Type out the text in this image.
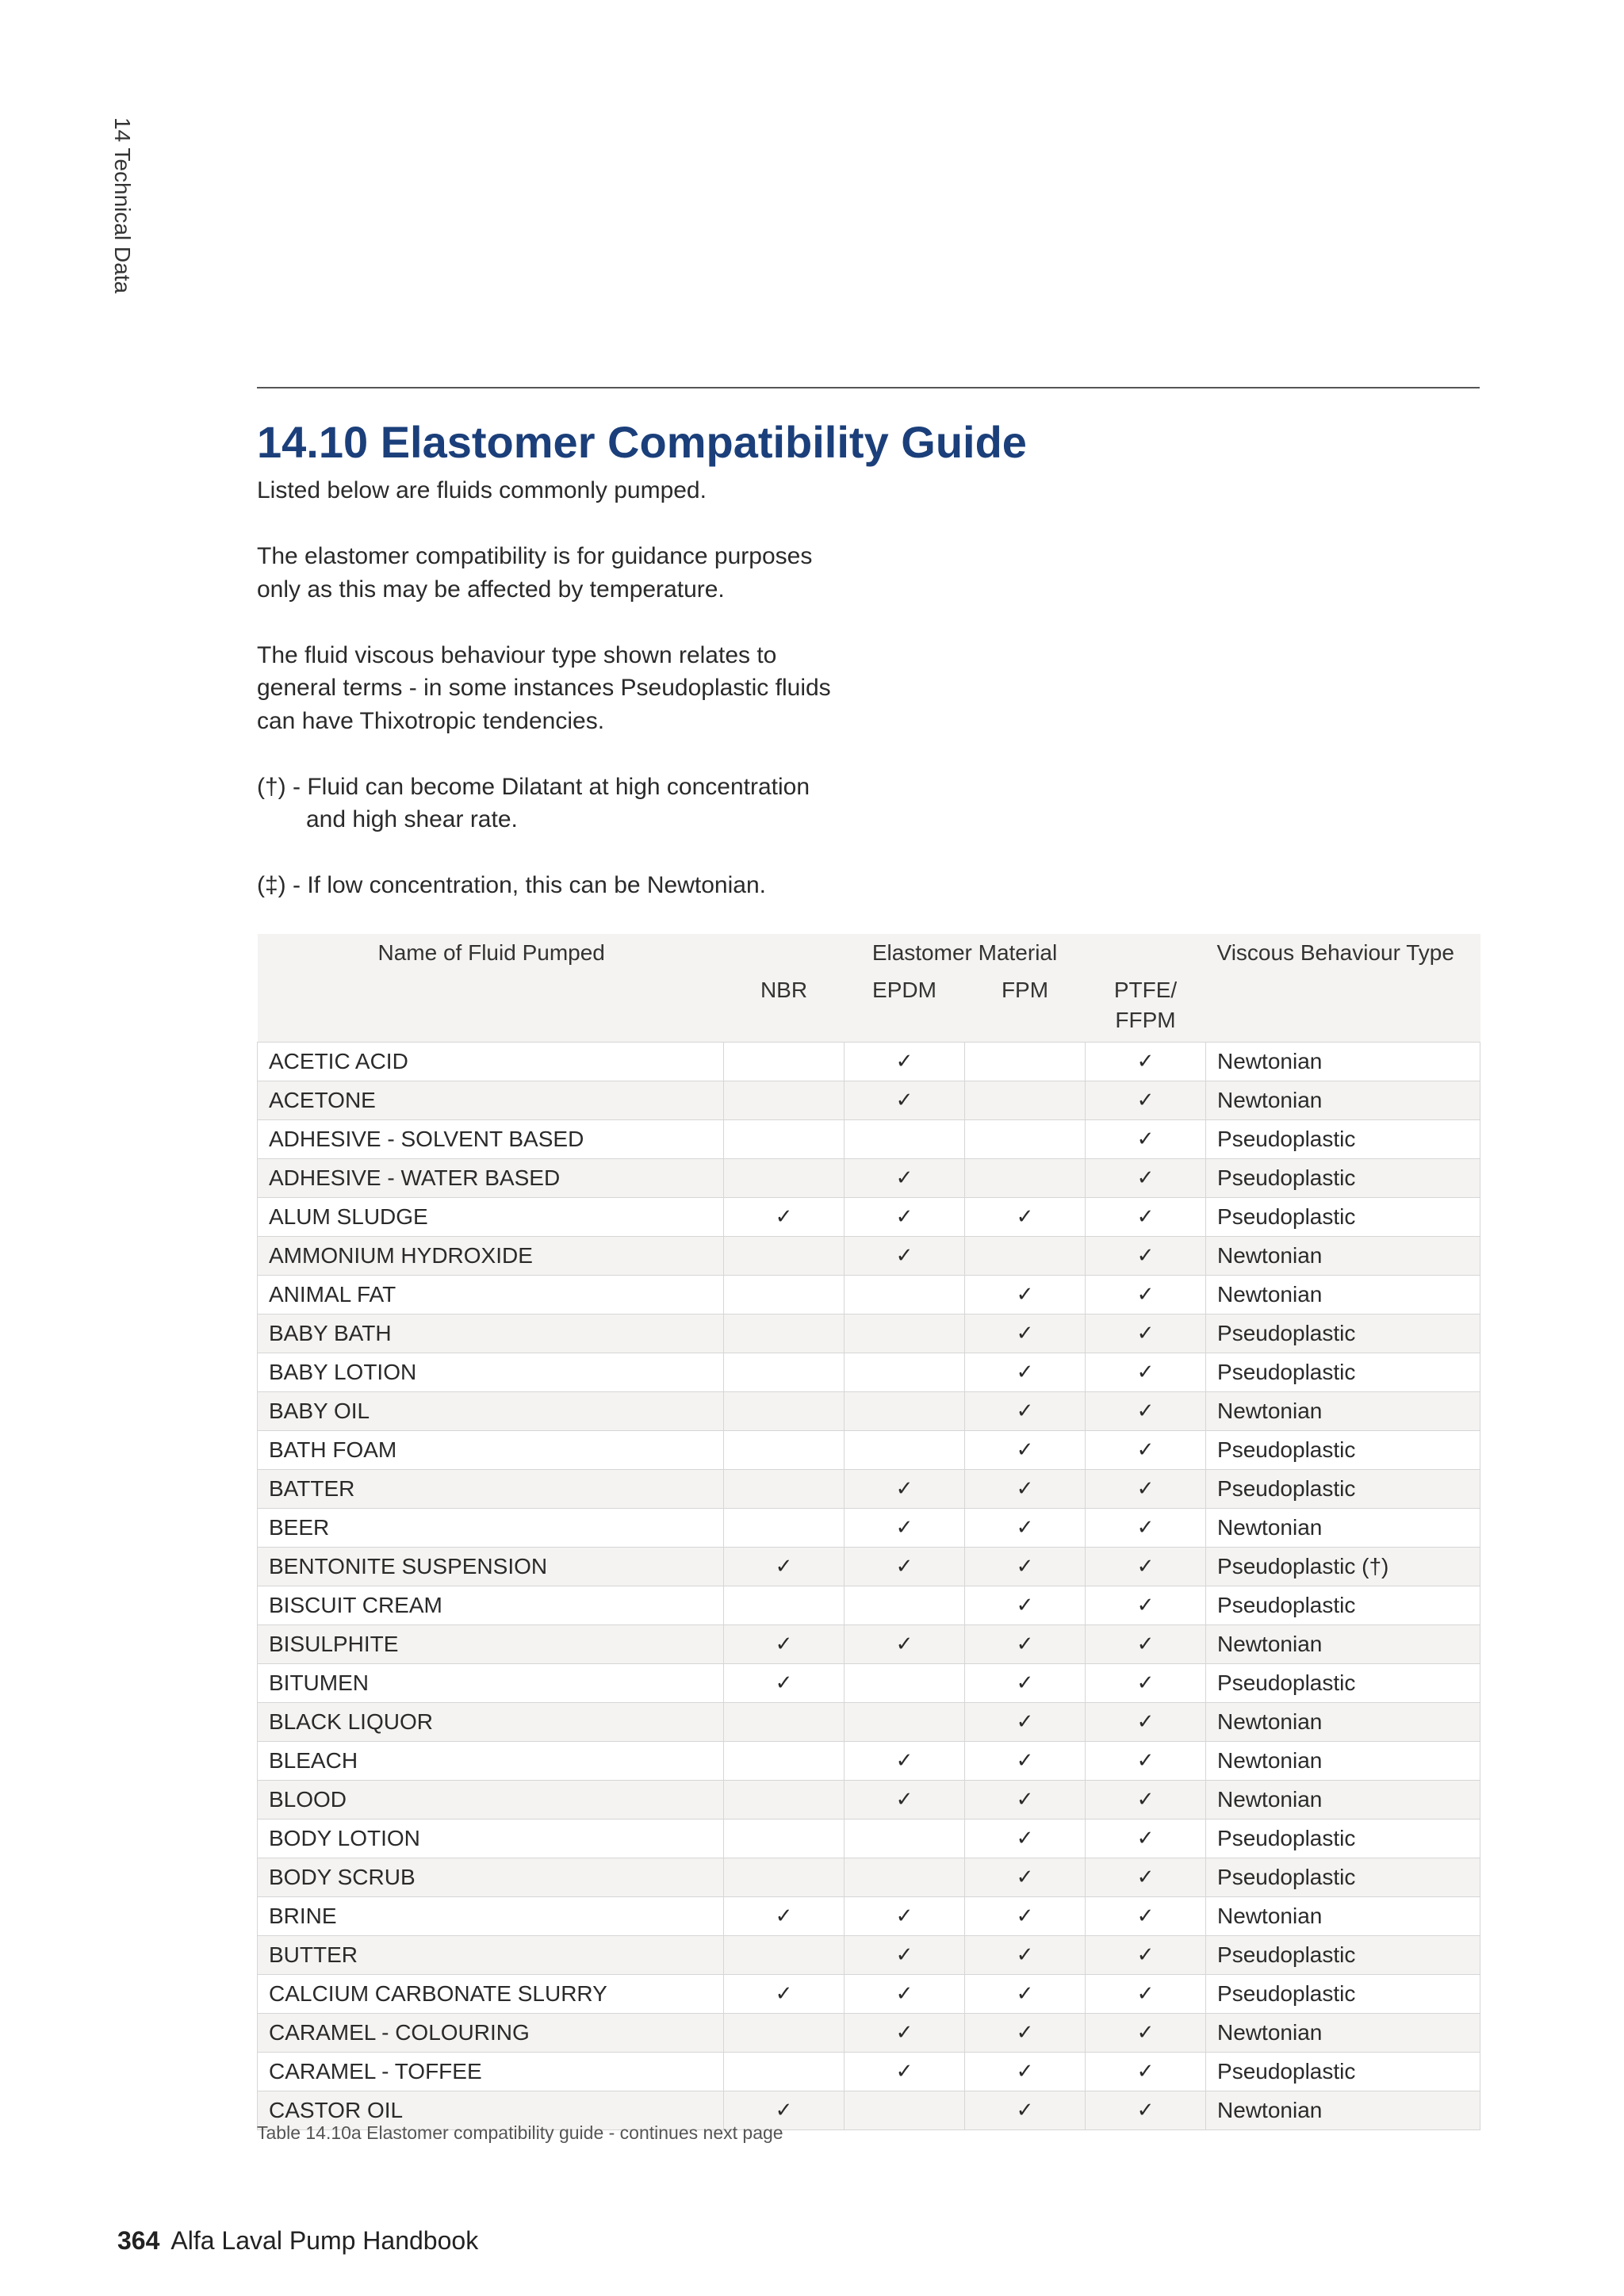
14 Technical Data
14.10 Elastomer Compatibility Guide

Listed below are fluids commonly pumped.

The elastomer compatibility is for guidance purposes
only as this may be affected by temperature.

The fluid viscous behaviour type shown relates to
general terms - in some instances Pseudoplastic fluids
can have Thixotropic tendencies.

(†) - Fluid can become Dilatant at high concentration
and high shear rate.

(‡) - If low concentration, this can be Newtonian.

Name of Fluid Pumped	Elastomer Material				Viscous Behaviour Type
	NBR	EPDM	FPM	PTFE/
FFPM	
ACETIC ACID		✓		✓	Newtonian
ACETONE		✓		✓	Newtonian
ADHESIVE - SOLVENT BASED				✓	Pseudoplastic
ADHESIVE - WATER BASED		✓		✓	Pseudoplastic
ALUM SLUDGE	✓	✓	✓	✓	Pseudoplastic
AMMONIUM HYDROXIDE		✓		✓	Newtonian
ANIMAL FAT			✓	✓	Newtonian
BABY BATH			✓	✓	Pseudoplastic
BABY LOTION			✓	✓	Pseudoplastic
BABY OIL			✓	✓	Newtonian
BATH FOAM			✓	✓	Pseudoplastic
BATTER		✓	✓	✓	Pseudoplastic
BEER		✓	✓	✓	Newtonian
BENTONITE SUSPENSION	✓	✓	✓	✓	Pseudoplastic (†)
BISCUIT CREAM			✓	✓	Pseudoplastic
BISULPHITE	✓	✓	✓	✓	Newtonian
BITUMEN	✓		✓	✓	Pseudoplastic
BLACK LIQUOR			✓	✓	Newtonian
BLEACH		✓	✓	✓	Newtonian
BLOOD		✓	✓	✓	Newtonian
BODY LOTION			✓	✓	Pseudoplastic
BODY SCRUB			✓	✓	Pseudoplastic
BRINE	✓	✓	✓	✓	Newtonian
BUTTER		✓	✓	✓	Pseudoplastic
CALCIUM CARBONATE SLURRY	✓	✓	✓	✓	Pseudoplastic
CARAMEL - COLOURING		✓	✓	✓	Newtonian
CARAMEL - TOFFEE		✓	✓	✓	Pseudoplastic
CASTOR OIL	✓		✓	✓	Newtonian
Table 14.10a Elastomer compatibility guide - continues next page
364 Alfa Laval Pump Handbook
